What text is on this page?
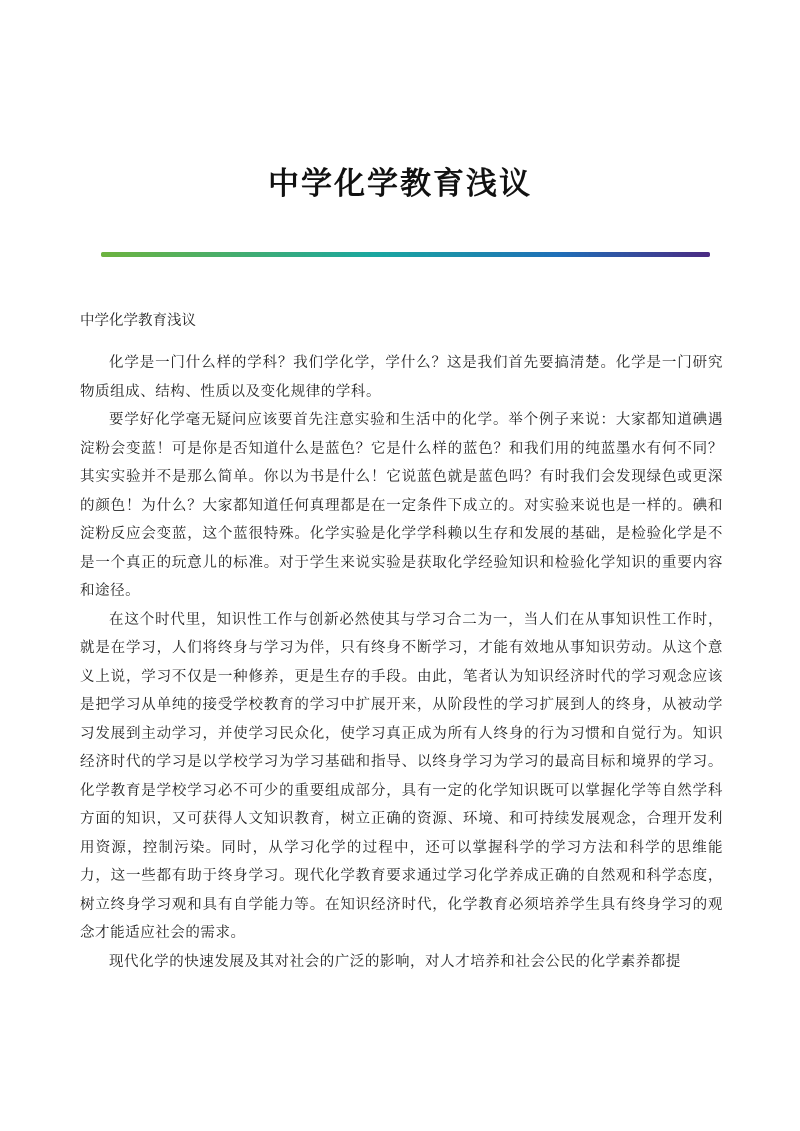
中学化学教育浅议

中学化学教育浅议

化学是一门什么样的学科？我们学化学，学什么？这是我们首先要搞清楚。化学是一门研究物质组成、结构、性质以及变化规律的学科。

要学好化学毫无疑问应该要首先注意实验和生活中的化学。举个例子来说：大家都知道碘遇淀粉会变蓝！可是你是否知道什么是蓝色？它是什么样的蓝色？和我们用的纯蓝墨水有何不同？其实实验并不是那么简单。你以为书是什么！它说蓝色就是蓝色吗？有时我们会发现绿色或更深的颜色！为什么？大家都知道任何真理都是在一定条件下成立的。对实验来说也是一样的。碘和淀粉反应会变蓝，这个蓝很特殊。化学实验是化学学科赖以生存和发展的基础，是检验化学是不是一个真正的玩意儿的标准。对于学生来说实验是获取化学经验知识和检验化学知识的重要内容和途径。

在这个时代里，知识性工作与创新必然使其与学习合二为一，当人们在从事知识性工作时，就是在学习，人们将终身与学习为伴，只有终身不断学习，才能有效地从事知识劳动。从这个意义上说，学习不仅是一种修养，更是生存的手段。由此，笔者认为知识经济时代的学习观念应该是把学习从单纯的接受学校教育的学习中扩展开来，从阶段性的学习扩展到人的终身，从被动学习发展到主动学习，并使学习民众化，使学习真正成为所有人终身的行为习惯和自觉行为。知识经济时代的学习是以学校学习为学习基础和指导、以终身学习为学习的最高目标和境界的学习。化学教育是学校学习必不可少的重要组成部分，具有一定的化学知识既可以掌握化学等自然学科方面的知识，又可获得人文知识教育，树立正确的资源、环境、和可持续发展观念，合理开发利用资源，控制污染。同时，从学习化学的过程中，还可以掌握科学的学习方法和科学的思维能力，这一些都有助于终身学习。现代化学教育要求通过学习化学养成正确的自然观和科学态度，树立终身学习观和具有自学能力等。在知识经济时代，化学教育必须培养学生具有终身学习的观念才能适应社会的需求。

现代化学的快速发展及其对社会的广泛的影响，对人才培养和社会公民的化学素养都提
